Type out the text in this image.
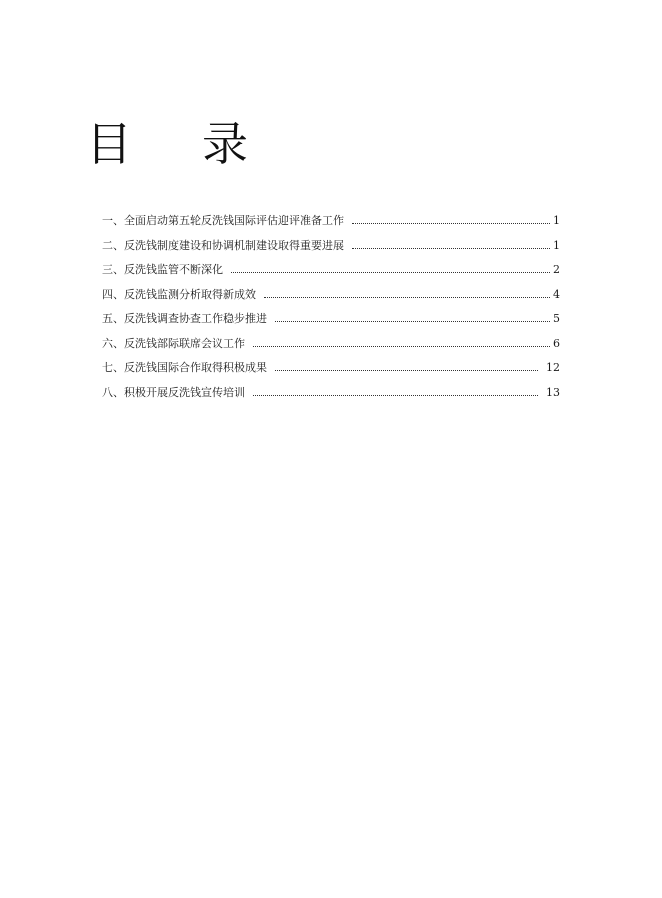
目 录
一、全面启动第五轮反洗钱国际评估迎评准备工作	1
二、反洗钱制度建设和协调机制建设取得重要进展	1
三、反洗钱监管不断深化	2
四、反洗钱监测分析取得新成效	4
五、反洗钱调查协查工作稳步推进	5
六、反洗钱部际联席会议工作	6
七、反洗钱国际合作取得积极成果	12
八、积极开展反洗钱宣传培训	13
